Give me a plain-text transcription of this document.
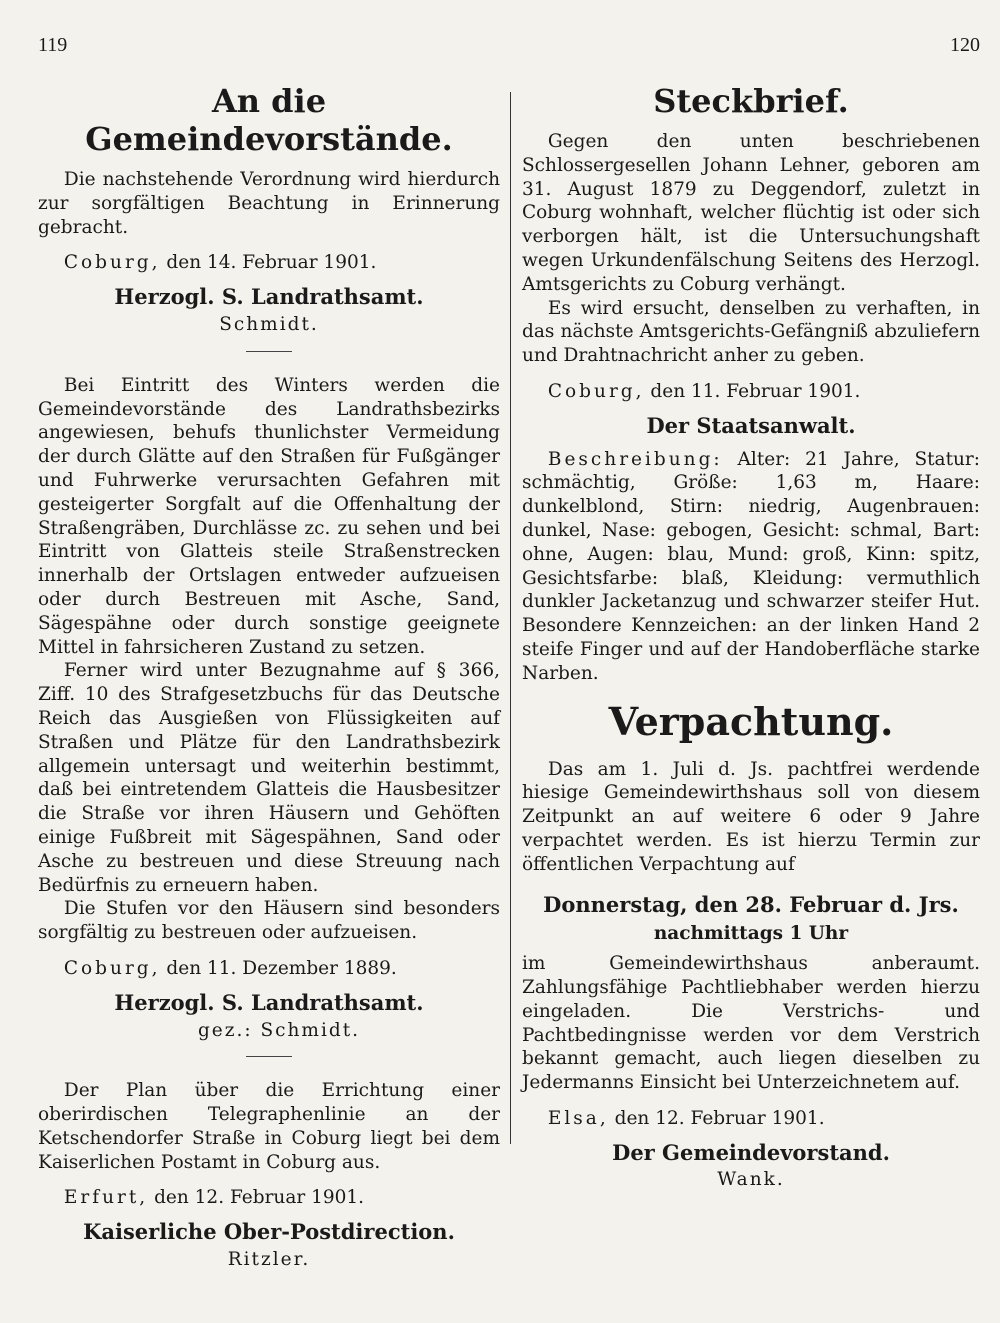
119	120
An die Gemeindevorstände.

Die nachstehende Verordnung wird hierdurch zur sorgfältigen Beachtung in Erinnerung gebracht.

Coburg, den 14. Februar 1901.
Herzogl. S. Landrathsamt.
Schmidt.

Bei Eintritt des Winters werden die Gemeindevorstände des Landrathsbezirks angewiesen, behufs thunlichster Vermeidung der durch Glätte auf den Straßen für Fußgänger und Fuhrwerke verursachten Gefahren mit gesteigerter Sorgfalt auf die Offenhaltung der Straßengräben, Durchlässe zc. zu sehen und bei Eintritt von Glatteis steile Straßenstrecken innerhalb der Ortslagen entweder aufzueisen oder durch Bestreuen mit Asche, Sand, Sägespähne oder durch sonstige geeignete Mittel in fahrsicheren Zustand zu setzen.

Ferner wird unter Bezugnahme auf § 366, Ziff. 10 des Strafgesetzbuchs für das Deutsche Reich das Ausgießen von Flüssigkeiten auf Straßen und Plätze für den Landrathsbezirk allgemein untersagt und weiterhin bestimmt, daß bei eintretendem Glatteis die Hausbesitzer die Straße vor ihren Häusern und Gehöften einige Fußbreit mit Sägespähnen, Sand oder Asche zu bestreuen und diese Streuung nach Bedürfnis zu erneuern haben.

Die Stufen vor den Häusern sind besonders sorgfältig zu bestreuen oder aufzueisen.

Coburg, den 11. Dezember 1889.
Herzogl. S. Landrathsamt.
gez.: Schmidt.

Der Plan über die Errichtung einer oberirdischen Telegraphenlinie an der Ketschendorfer Straße in Coburg liegt bei dem Kaiserlichen Postamt in Coburg aus.

Erfurt, den 12. Februar 1901.
Kaiserliche Ober-Postdirection.
Ritzler.
Steckbrief.

Gegen den unten beschriebenen Schlossergesellen Johann Lehner, geboren am 31. August 1879 zu Deggendorf, zuletzt in Coburg wohnhaft, welcher flüchtig ist oder sich verborgen hält, ist die Untersuchungshaft wegen Urkundenfälschung Seitens des Herzogl. Amtsgerichts zu Coburg verhängt.

Es wird ersucht, denselben zu verhaften, in das nächste Amtsgerichts-Gefängniß abzuliefern und Drahtnachricht anher zu geben.

Coburg, den 11. Februar 1901.
Der Staatsanwalt.

Beschreibung: Alter: 21 Jahre, Statur: schmächtig, Größe: 1,63 m, Haare: dunkelblond, Stirn: niedrig, Augenbrauen: dunkel, Nase: gebogen, Gesicht: schmal, Bart: ohne, Augen: blau, Mund: groß, Kinn: spitz, Gesichtsfarbe: blaß, Kleidung: vermuthlich dunkler Jacketanzug und schwarzer steifer Hut. Besondere Kennzeichen: an der linken Hand 2 steife Finger und auf der Handoberfläche starke Narben.

Verpachtung.

Das am 1. Juli d. Js. pachtfrei werdende hiesige Gemeindewirthshaus soll von diesem Zeitpunkt an auf weitere 6 oder 9 Jahre verpachtet werden. Es ist hierzu Termin zur öffentlichen Verpachtung auf

Donnerstag, den 28. Februar d. Jrs.
nachmittags 1 Uhr

im Gemeindewirthshaus anberaumt. Zahlungsfähige Pachtliebhaber werden hierzu eingeladen. Die Verstrichs- und Pachtbedingnisse werden vor dem Verstrich bekannt gemacht, auch liegen dieselben zu Jedermanns Einsicht bei Unterzeichnetem auf.

Elsa, den 12. Februar 1901.
Der Gemeindevorstand.
Wank.
